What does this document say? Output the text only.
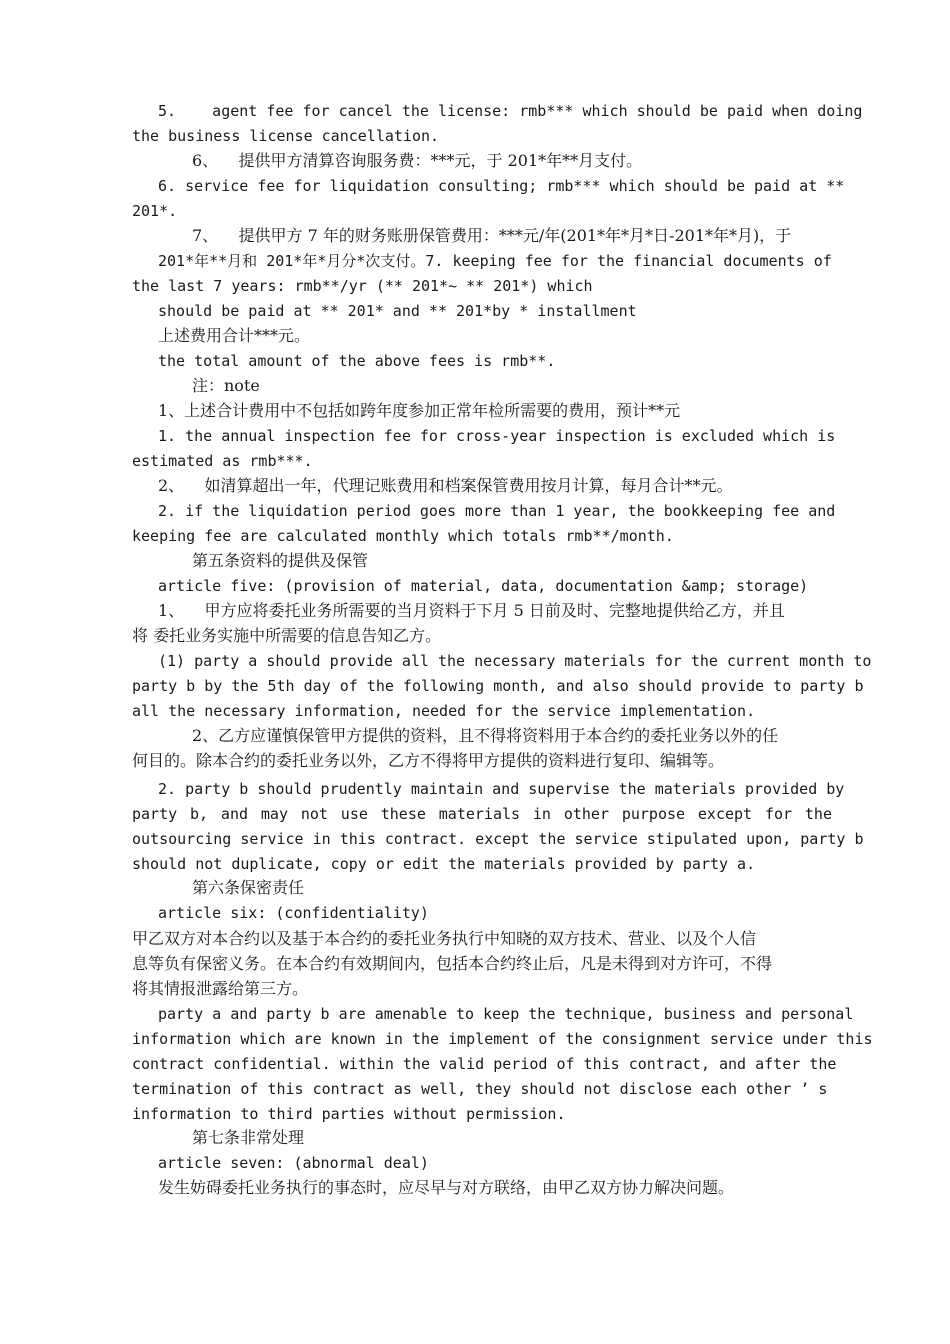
5.    agent fee for cancel the license: rmb*** which should be paid when doing
the business license cancellation.
6、    提供甲方清算咨询服务费：***元，于 201*年**月支付。
6. service fee for liquidation consulting; rmb*** which should be paid at **
201*.
7、    提供甲方 7 年的财务账册保管费用：***元/年(201*年*月*日-201*年*月)，于
201*年**月和 201*年*月分*次支付。7. keeping fee for the financial documents of
the last 7 years: rmb**/yr (** 201*~ ** 201*) which
should be paid at ** 201* and ** 201*by * installment
上述费用合计***元。
the total amount of the above fees is rmb**.
注：note
1、上述合计费用中不包括如跨年度参加正常年检所需要的费用，预计**元
1. the annual inspection fee for cross-year inspection is excluded which is
estimated as rmb***.
2、    如清算超出一年，代理记账费用和档案保管费用按月计算，每月合计**元。
2. if the liquidation period goes more than 1 year, the bookkeeping fee and
keeping fee are calculated monthly which totals rmb**/month.
第五条资料的提供及保管
article five: (provision of material, data, documentation &amp; storage)
1、    甲方应将委托业务所需要的当月资料于下月 5 日前及时、完整地提供给乙方，并且
将 委托业务实施中所需要的信息告知乙方。
(1) party a should provide all the necessary materials for the current month to
party b by the 5th day of the following month, and also should provide to party b
all the necessary information, needed for the service implementation.
2、乙方应谨慎保管甲方提供的资料，且不得将资料用于本合约的委托业务以外的任
何目的。除本合约的委托业务以外，乙方不得将甲方提供的资料进行复印、编辑等。
2. party b should prudently maintain and supervise the materials provided by
party b, and may not use these materials in other purpose except for the
outsourcing service in this contract. except the service stipulated upon, party b
should not duplicate, copy or edit the materials provided by party a.
第六条保密责任
article six: (confidentiality)
甲乙双方对本合约以及基于本合约的委托业务执行中知晓的双方技术、营业、以及个人信
息等负有保密义务。在本合约有效期间内，包括本合约终止后，凡是未得到对方许可，不得
将其情报泄露给第三方。
party a and party b are amenable to keep the technique, business and personal
information which are known in the implement of the consignment service under this
contract confidential. within the valid period of this contract, and after the
termination of this contract as well, they should not disclose each other ’ s
information to third parties without permission.
第七条非常处理
article seven: (abnormal deal)
发生妨碍委托业务执行的事态时，应尽早与对方联络，由甲乙双方协力解决问题。
